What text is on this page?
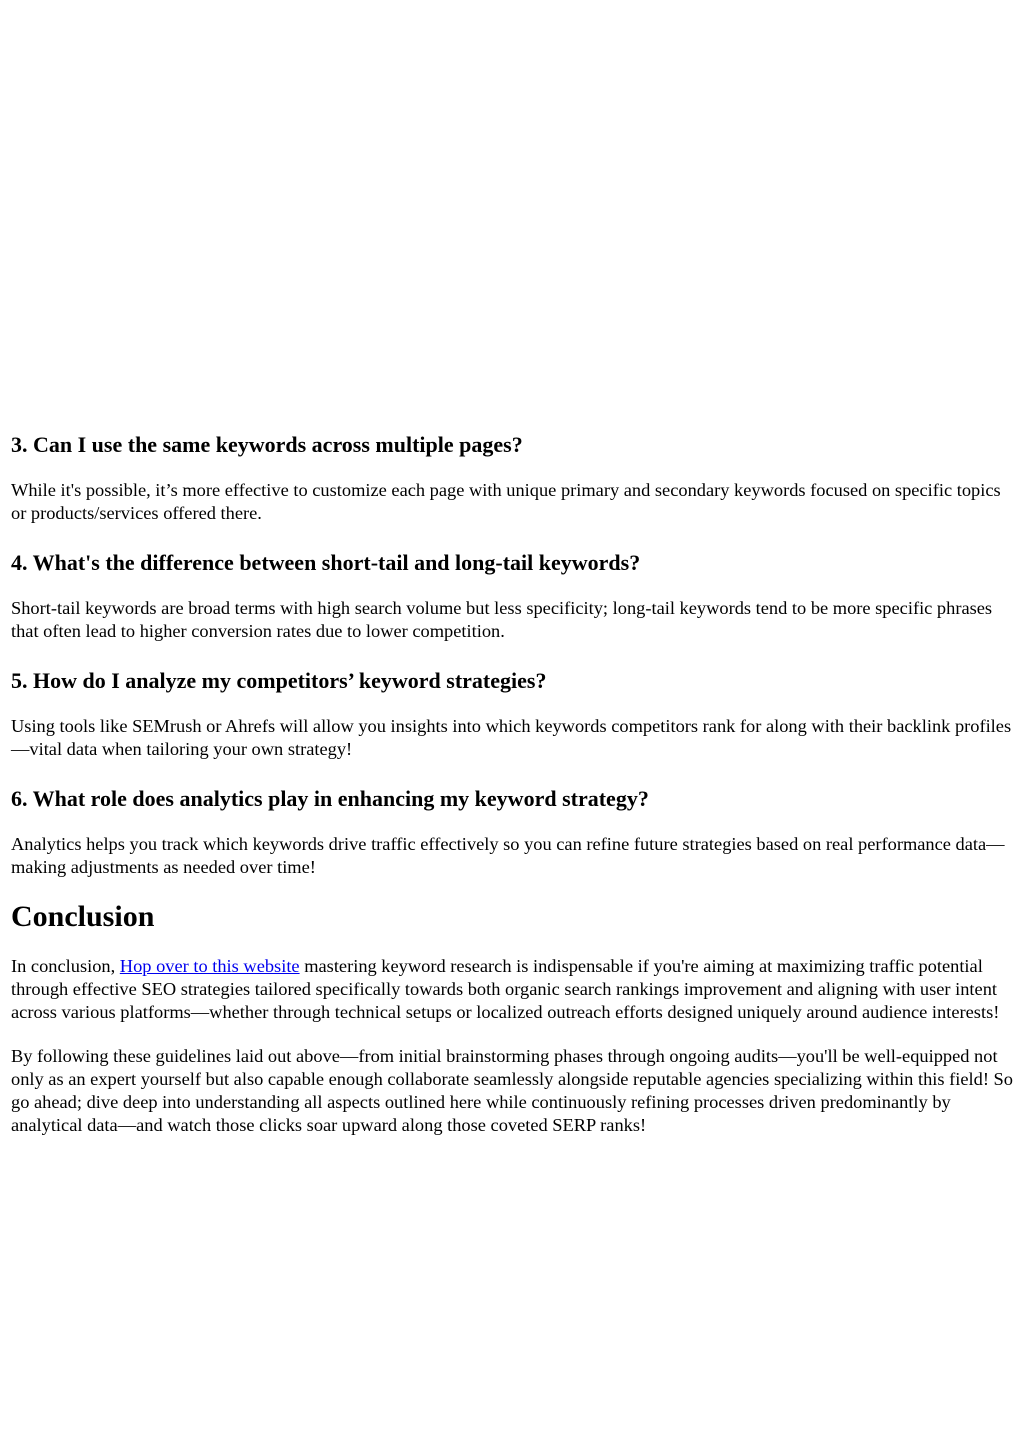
3. Can I use the same keywords across multiple pages?

While it's possible, it’s more effective to customize each page with unique primary and secondary keywords focused on specific topics or products/services offered there.

4. What's the difference between short-tail and long-tail keywords?

Short-tail keywords are broad terms with high search volume but less specificity; long-tail keywords tend to be more specific phrases that often lead to higher conversion rates due to lower competition.

5. How do I analyze my competitors’ keyword strategies?

Using tools like SEMrush or Ahrefs will allow you insights into which keywords competitors rank for along with their backlink profiles—vital data when tailoring your own strategy!

6. What role does analytics play in enhancing my keyword strategy?

Analytics helps you track which keywords drive traffic effectively so you can refine future strategies based on real performance data—making adjustments as needed over time!

Conclusion

In conclusion, Hop over to this website mastering keyword research is indispensable if you're aiming at maximizing traffic potential through effective SEO strategies tailored specifically towards both organic search rankings improvement and aligning with user intent across various platforms—whether through technical setups or localized outreach efforts designed uniquely around audience interests!

By following these guidelines laid out above—from initial brainstorming phases through ongoing audits—you'll be well-equipped not only as an expert yourself but also capable enough collaborate seamlessly alongside reputable agencies specializing within this field! So go ahead; dive deep into understanding all aspects outlined here while continuously refining processes driven predominantly by analytical data—and watch those clicks soar upward along those coveted SERP ranks!
